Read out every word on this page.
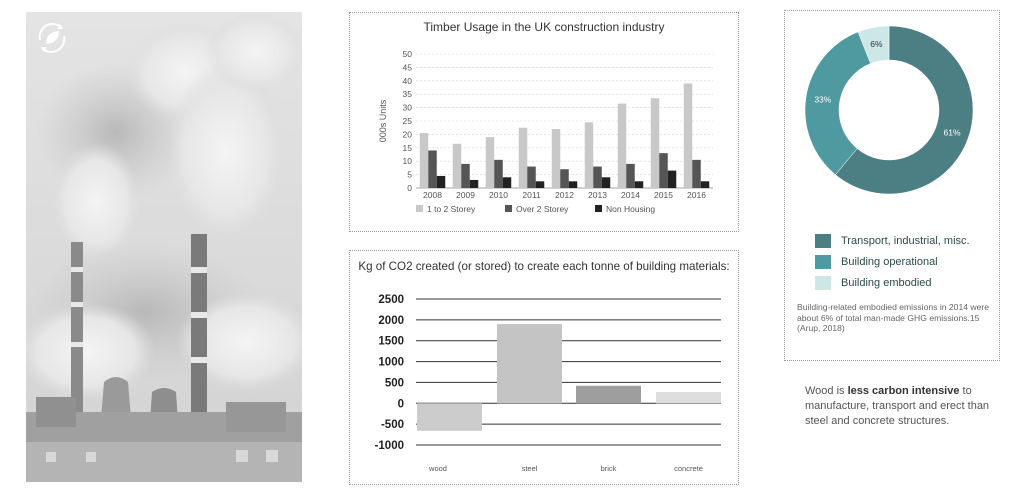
Timber Usage in the UK construction industry
0
5
10
15
20
25
30
35
40
45
50
000s Units
2008 2009 2010 2011 2012 2013 2014 2015 2016
1 to 2 Storey	Over 2 Storey	Non Housing
Kg of CO2 created (or stored) to create each tonne of building materials:
2500
2000
1500
1000
500
0
-500
-1000
wood	steel	brick	concrete
61%
33%
6%
Transport, industrial, misc.
Building operational
Building embodied
Building-related embodied emissions in 2014 were about 6% of total man-made GHG emissions.15 (Arup, 2018)
Wood is less carbon intensive to manufacture, transport and erect than steel and concrete structures.
